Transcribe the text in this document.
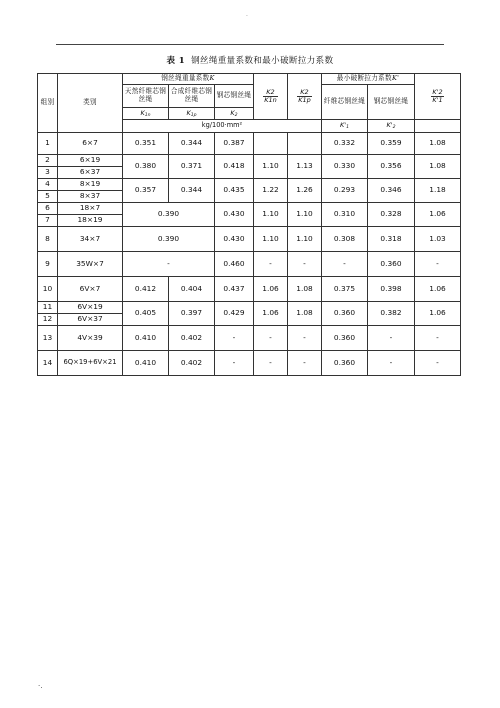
·
表 1 钢丝绳重量系数和最小破断拉力系数
组别	类别	钢丝绳重量系数K			$\frac{K2}{K1n}$	$\frac{K2}{K1p}$	最小破断拉力系数K'		$\frac{K'2}{K'1}$

		天然纤维芯钢丝绳	合成纤维芯钢丝绳	钢芯钢丝绳			纤维芯钢丝绳	钢芯钢丝绳	
		$K_{1n}$	$K_{1p}$	$K_2$
		kg/100·mm²					$K'_1$	$K'_2$	
1	6×7	0.351	0.344	0.387			0.332	0.359	1.08
2	6×19	0.380	0.371	0.418	1.10	1.13	0.330	0.356	1.08
3	6×37								
4	8×19	0.357	0.344	0.435	1.22	1.26	0.293	0.346	1.18
5	8×37								
6	18×7	0.390		0.430	1.10	1.10	0.310	0.328	1.06
7	18×19								
8	34×7	0.390		0.430	1.10	1.10	0.308	0.318	1.03
9	35W×7	-		0.460	-	-	-	0.360	-
10	6V×7	0.412	0.404	0.437	1.06	1.08	0.375	0.398	1.06
11	6V×19	0.405	0.397	0.429	1.06	1.08	0.360	0.382	1.06
12	6V×37								
13	4V×39	0.410	0.402	-	-	-	0.360	-	-
14	6Q×19+6V×21	0.410	0.402	-	-	-	0.360	-	-
·.
